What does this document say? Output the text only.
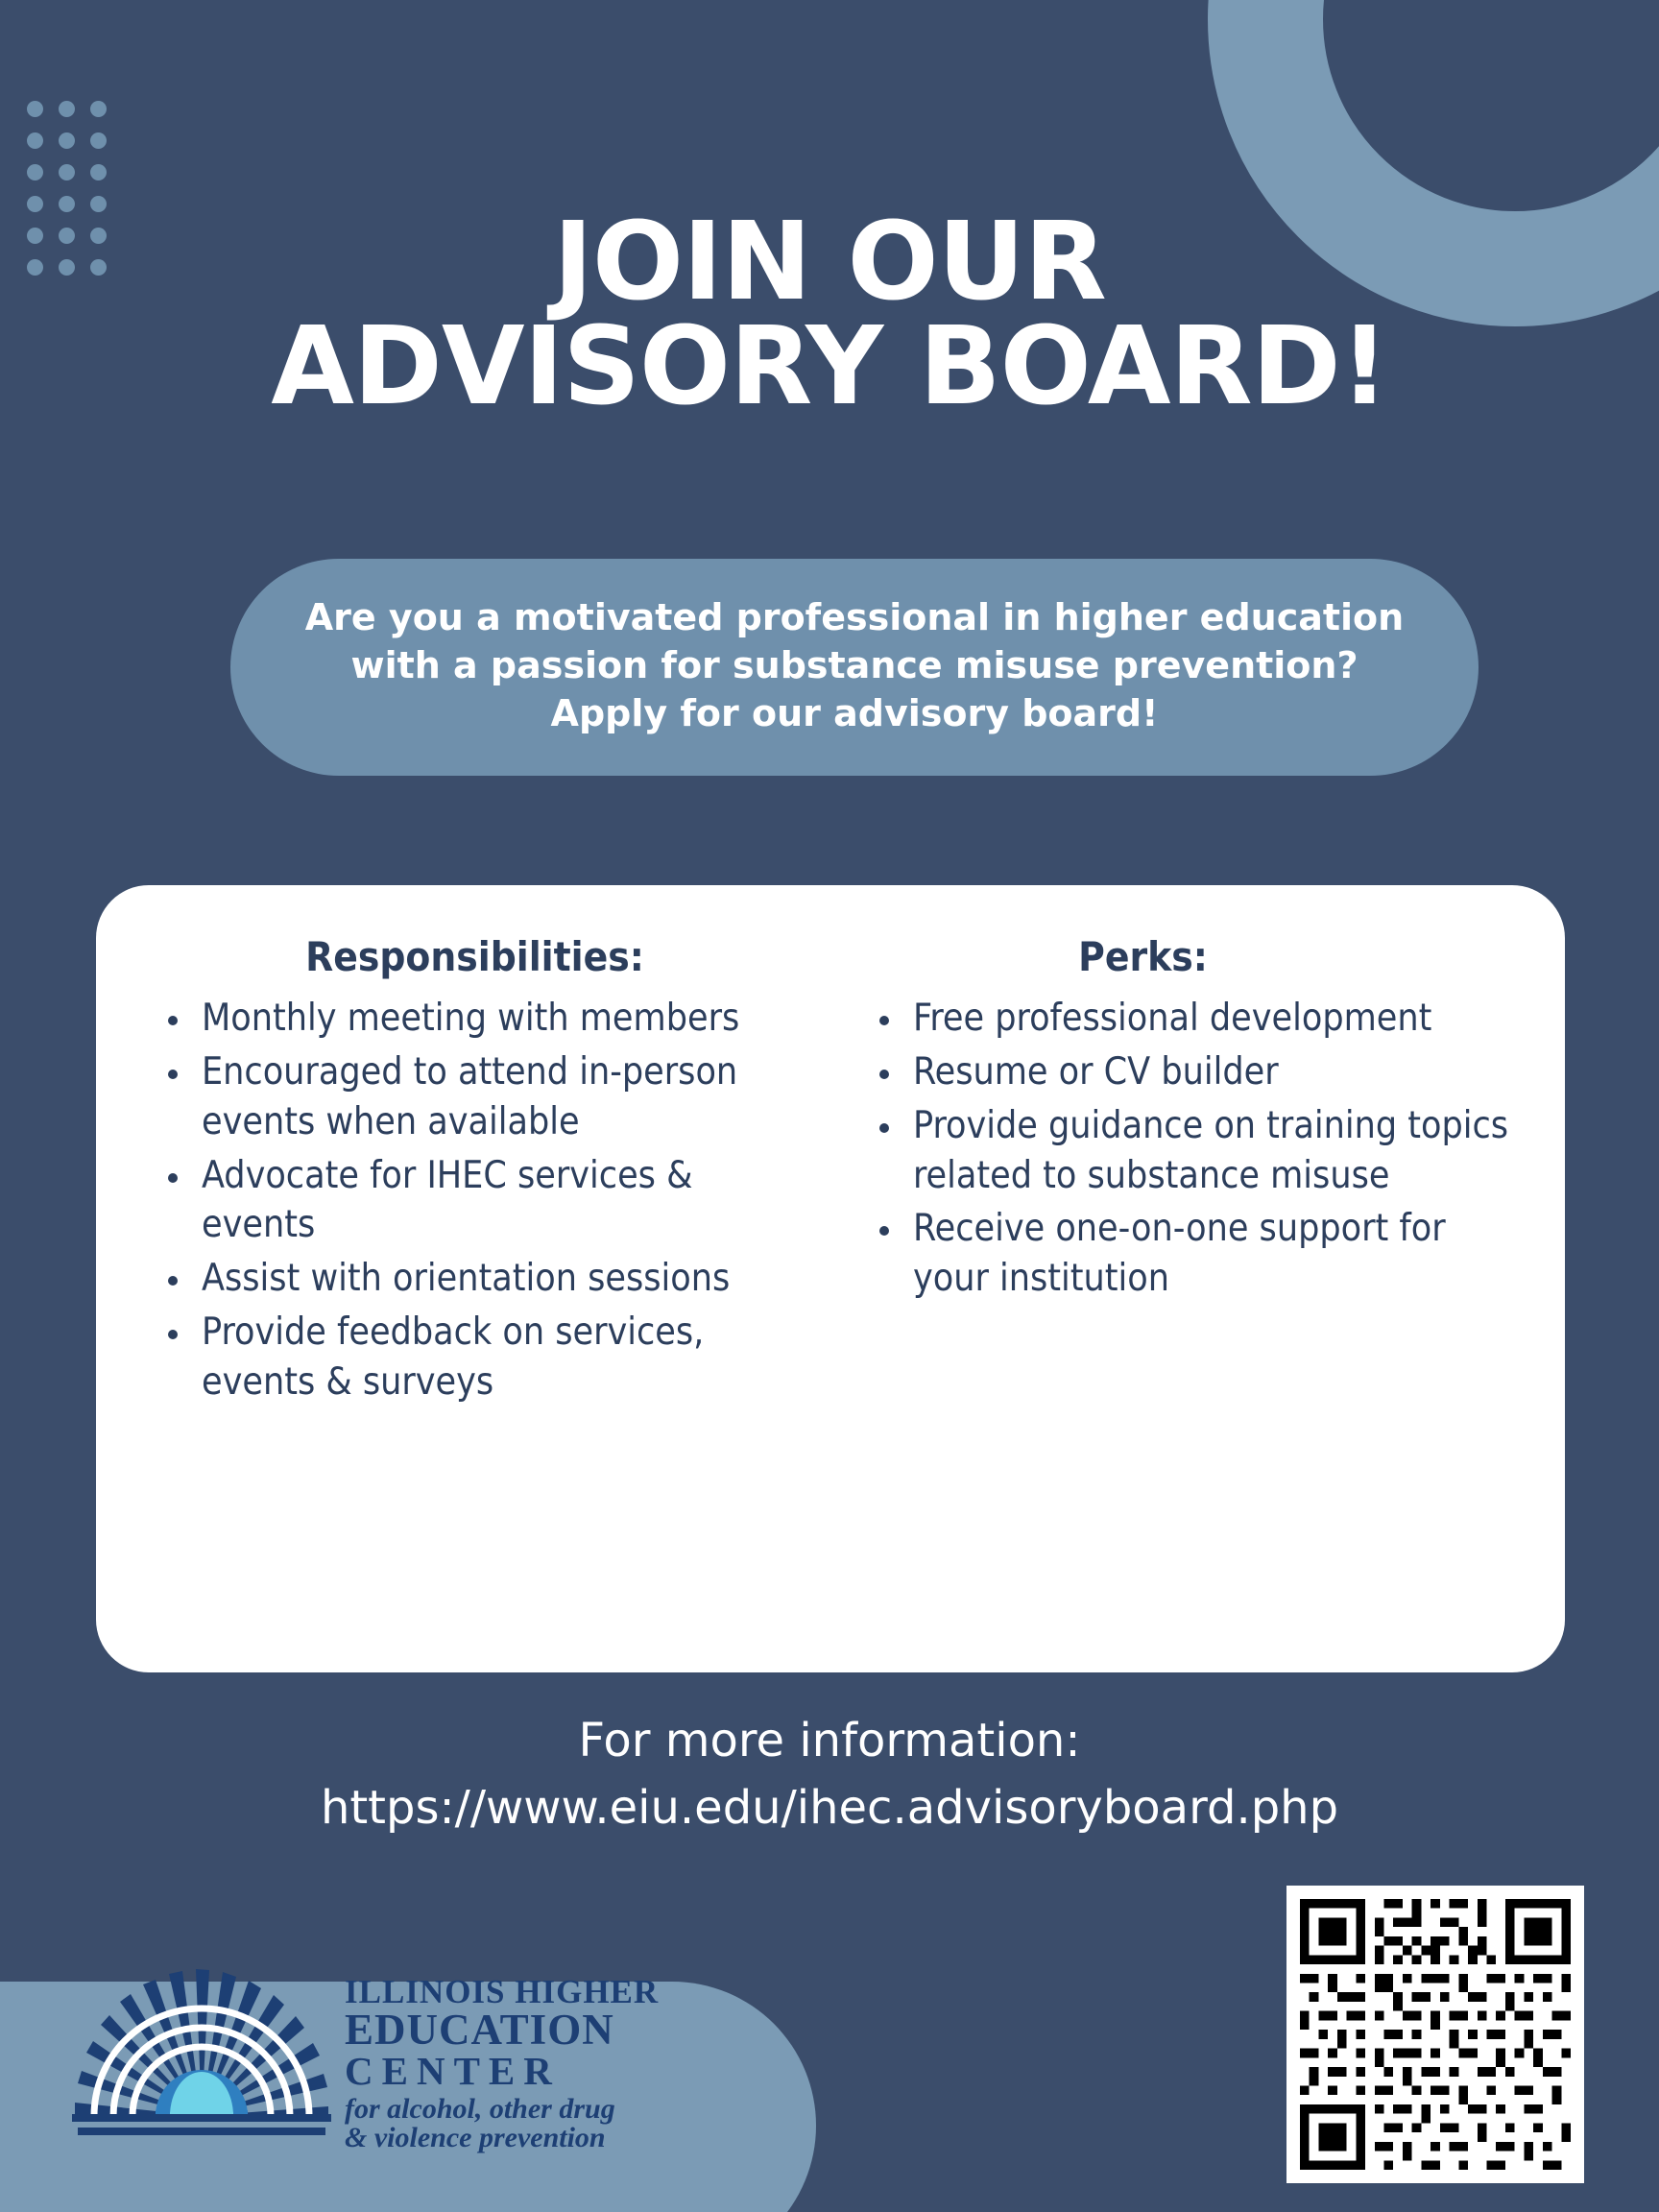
JOIN OUR
ADVISORY BOARD!
Are you a motivated professional in higher education with a passion for substance misuse prevention? Apply for our advisory board!
Responsibilities:
• Monthly meeting with members
• Encouraged to attend in-person events when available
• Advocate for IHEC services & events
• Assist with orientation sessions
• Provide feedback on services, events & surveys
Perks:
• Free professional development
• Resume or CV builder
• Provide guidance on training topics related to substance misuse
• Receive one-on-one support for your institution
For more information:
https://www.eiu.edu/ihec.advisoryboard.php
ILLINOIS HIGHER
EDUCATION
CENTER
for alcohol, other drug
& violence prevention
